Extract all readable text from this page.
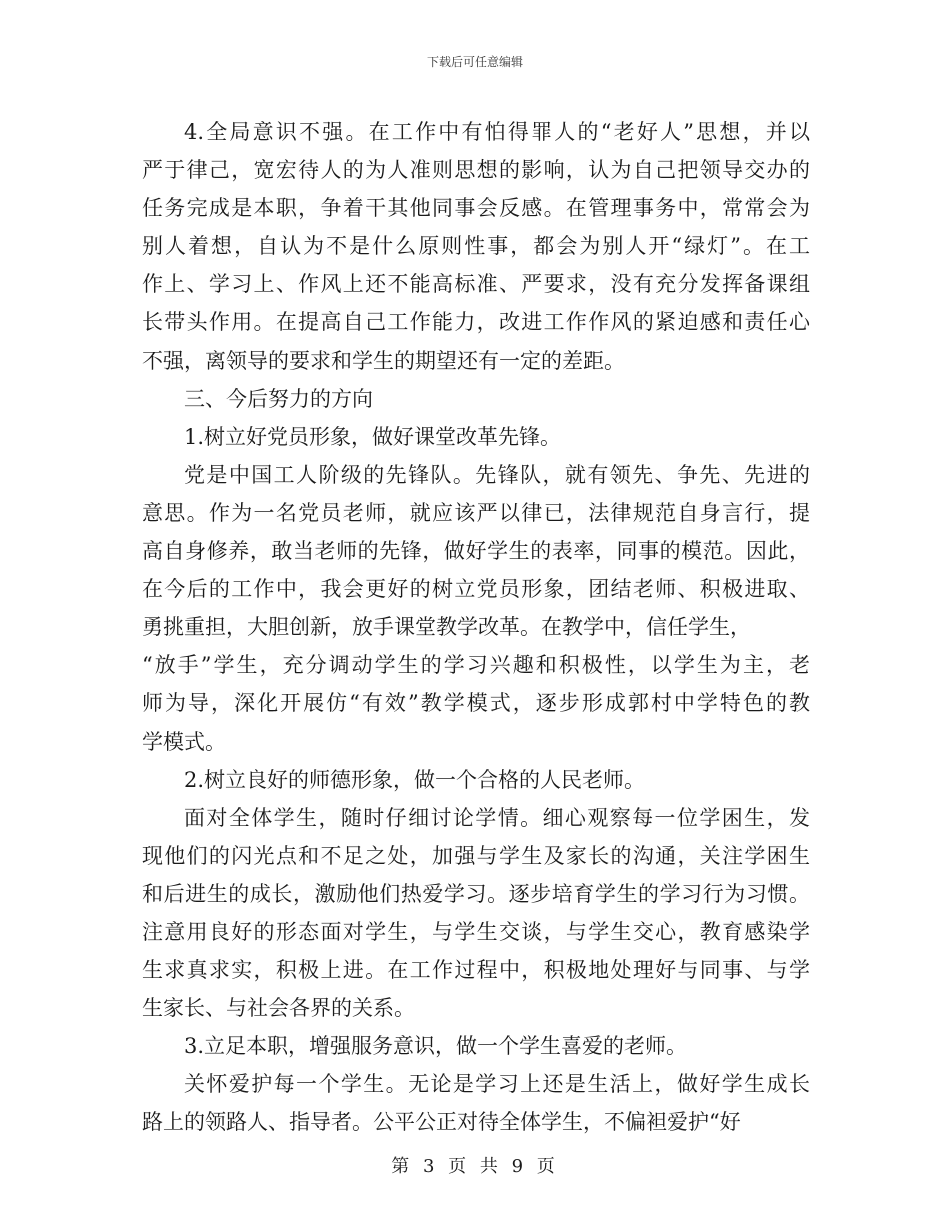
下载后可任意编辑
4.全局意识不强。在工作中有怕得罪人的“老好人”思想，并以
严于律己，宽宏待人的为人准则思想的影响，认为自己把领导交办的
任务完成是本职，争着干其他同事会反感。在管理事务中，常常会为
别人着想，自认为不是什么原则性事，都会为别人开“绿灯”。在工
作上、学习上、作风上还不能高标准、严要求，没有充分发挥备课组
长带头作用。在提高自己工作能力，改进工作作风的紧迫感和责任心
不强，离领导的要求和学生的期望还有一定的差距。
三、今后努力的方向
1.树立好党员形象，做好课堂改革先锋。
党是中国工人阶级的先锋队。先锋队，就有领先、争先、先进的
意思。作为一名党员老师，就应该严以律已，法律规范自身言行，提
高自身修养，敢当老师的先锋，做好学生的表率，同事的模范。因此，
在今后的工作中，我会更好的树立党员形象，团结老师、积极进取、
勇挑重担，大胆创新，放手课堂教学改革。在教学中，信任学生，
“放手”学生，充分调动学生的学习兴趣和积极性，以学生为主，老
师为导，深化开展仿“有效”教学模式，逐步形成郭村中学特色的教
学模式。
2.树立良好的师德形象，做一个合格的人民老师。
面对全体学生，随时仔细讨论学情。细心观察每一位学困生，发
现他们的闪光点和不足之处，加强与学生及家长的沟通，关注学困生
和后进生的成长，激励他们热爱学习。逐步培育学生的学习行为习惯。
注意用良好的形态面对学生，与学生交谈，与学生交心，教育感染学
生求真求实，积极上进。在工作过程中，积极地处理好与同事、与学
生家长、与社会各界的关系。
3.立足本职，增强服务意识，做一个学生喜爱的老师。
关怀爱护每一个学生。无论是学习上还是生活上，做好学生成长
路上的领路人、指导者。公平公正对待全体学生，不偏袒爱护“好
第 3 页 共 9 页
